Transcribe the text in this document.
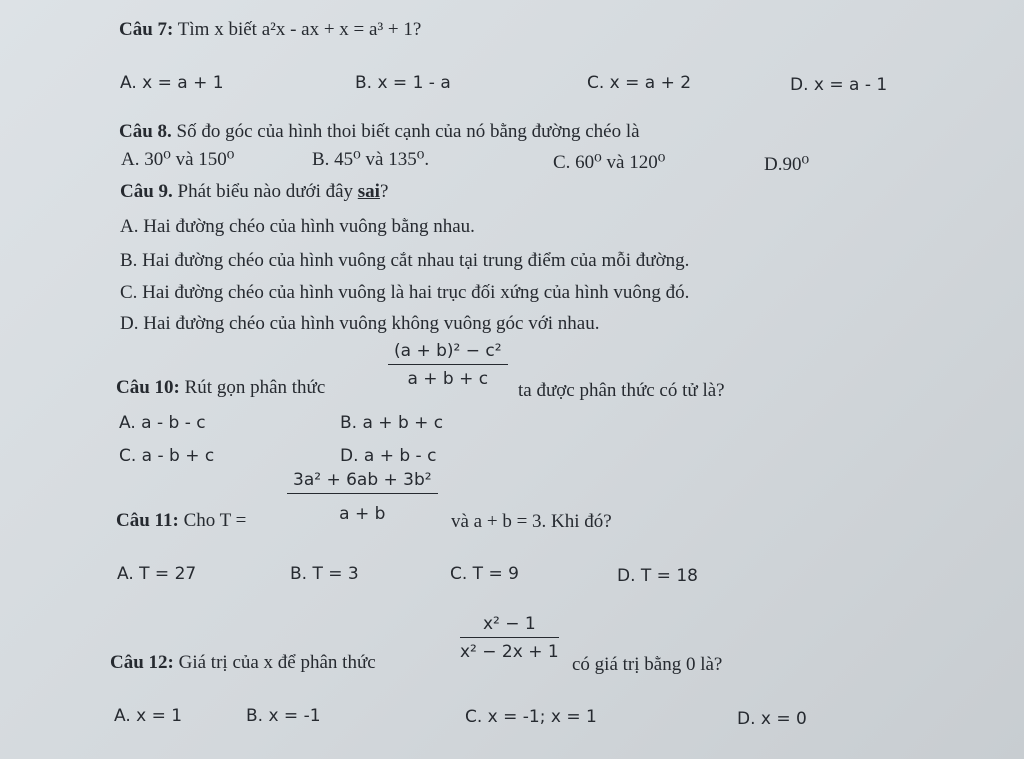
Câu 7: Tìm x biết a²x - ax + x = a³ + 1?
A. x = a + 1	B. x = 1 - a	C. x = a + 2	D. x = a - 1
Câu 8. Số đo góc của hình thoi biết cạnh của nó bằng đường chéo là
A. 30⁰ và 150⁰	B. 45⁰ và 135⁰.	C. 60⁰ và 120⁰	D.90⁰
Câu 9. Phát biểu nào dưới đây sai?
A. Hai đường chéo của hình vuông bằng nhau.
B. Hai đường chéo của hình vuông cắt nhau tại trung điểm của mỗi đường.
C. Hai đường chéo của hình vuông là hai trục đối xứng của hình vuông đó.
D. Hai đường chéo của hình vuông không vuông góc với nhau.
Câu 10: Rút gọn phân thức	$\frac{\text{(a + b)² − c²}}{a + b + c}$
ta được phân thức có tử là?
A. a - b - c	B. a + b + c
C. a - b + c	D. a + b - c
Câu 11: Cho $T = \frac{\text{3a² + 6ab + 3b²}}{a + b}$ và a + b = 3. Khi đó?
A. T = 27	B. T = 3	C. T = 9	D. T = 18
Câu 12: Giá trị của x để phân thức
$\frac{\text{x² − 1}}{\text{x² − 2x + 1}}$
có giá trị bằng 0 là?
A. x = 1	B. x = -1	C. x = -1; x = 1	D. x = 0
